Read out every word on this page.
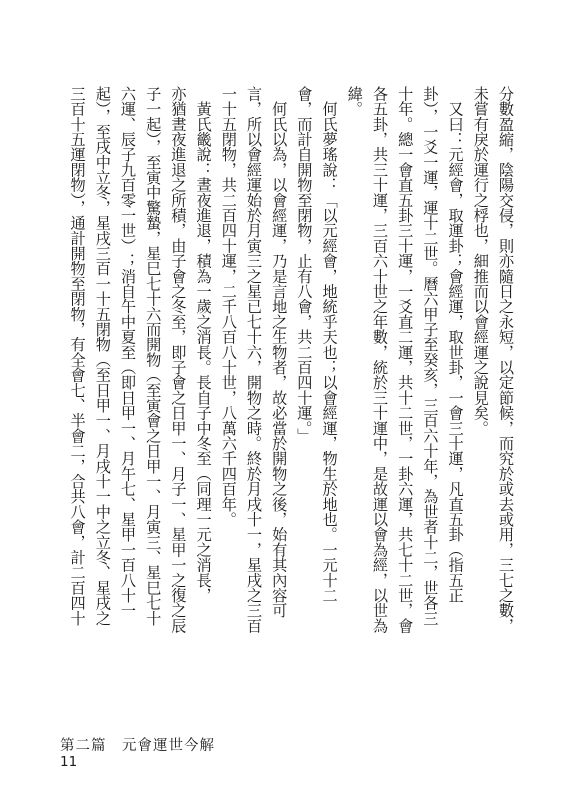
分數盈縮，陰陽交侵，則亦隨日之永短，以定節候，而究於或去或用，三七之數，
未嘗有戾於運行之桴也，細推而以會經運之說見矣。
　又曰：元經會，取運卦；會經運，取世卦，一會三十運，凡直五卦（指五正
卦），一爻一運，運十二世。曆六甲子至癸亥，三百六十年，為世者十二，世各三
十年。總一會直五卦三十運，一爻直二運，共十二世，一卦六運，共七十二世，會
各五卦，共三十運，三百六十世之年數，統於三十運中，是故運以會為經，以世為
緯。
　何氏夢瑤說：「以元經會，地統乎天也；以會經運，物生於地也。一元十二
會，而計自開物至閉物，止有八會，共二百四十運。」
　何氏以為，以會經運，乃是言地之生物者，故必當於開物之後，始有其內容可
言，所以會經運始於月寅三之星已七十六，開物之時。終於月戌十一，星戌之三百
一十五閉物，共二百四十運，二千八百八十世，八萬六千四百年。
　黃氏畿說：晝夜進退，積為一歲之消長。長自子中冬至（同理一元之消長，
亦猶晝夜進退之所積，由子會之冬至，即子會之日甲一、月子一、星甲一之復之辰
子一起），至寅中驚蟄，星巳七十六而開物（至寅會之日甲一、月寅三、星巳七十
六運、辰子九百零一世）；消自午中夏至（即日甲一、月午七、星甲一百八十一
起），至戌中立冬，星戌三百一十五閉物（至日甲一、月戌十一中之立冬、星戌之
三百十五運閉物），通計開物至閉物，有全會七、半會二，合共八會，計二百四十
第二篇　元會運世今解
11
